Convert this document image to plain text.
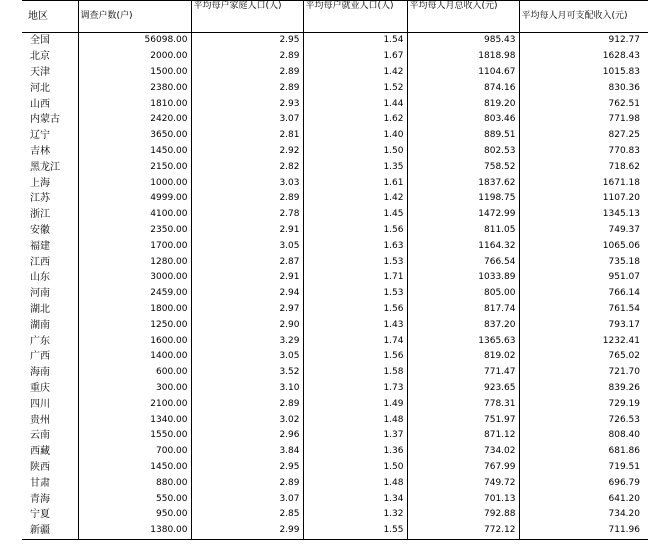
地区	调查户数(户)	平均每户家庭人口(人)	平均每户就业人口(人)	平均每人月总收入(元)	平均每人月可支配收入(元)
全国	56098.00	2.95	1.54	985.43	912.77
北京	2000.00	2.89	1.67	1818.98	1628.43
天津	1500.00	2.89	1.42	1104.67	1015.83
河北	2380.00	2.89	1.52	874.16	830.36
山西	1810.00	2.93	1.44	819.20	762.51
内蒙古	2420.00	3.07	1.62	803.46	771.98
辽宁	3650.00	2.81	1.40	889.51	827.25
吉林	1450.00	2.92	1.50	802.53	770.83
黑龙江	2150.00	2.82	1.35	758.52	718.62
上海	1000.00	3.03	1.61	1837.62	1671.18
江苏	4999.00	2.89	1.42	1198.75	1107.20
浙江	4100.00	2.78	1.45	1472.99	1345.13
安徽	2350.00	2.91	1.56	811.05	749.37
福建	1700.00	3.05	1.63	1164.32	1065.06
江西	1280.00	2.87	1.53	766.54	735.18
山东	3000.00	2.91	1.71	1033.89	951.07
河南	2459.00	2.94	1.53	805.00	766.14
湖北	1800.00	2.97	1.56	817.74	761.54
湖南	1250.00	2.90	1.43	837.20	793.17
广东	1600.00	3.29	1.74	1365.63	1232.41
广西	1400.00	3.05	1.56	819.02	765.02
海南	600.00	3.52	1.58	771.47	721.70
重庆	300.00	3.10	1.73	923.65	839.26
四川	2100.00	2.89	1.49	778.31	729.19
贵州	1340.00	3.02	1.48	751.97	726.53
云南	1550.00	2.96	1.37	871.12	808.40
西藏	700.00	3.84	1.36	734.02	681.86
陕西	1450.00	2.95	1.50	767.99	719.51
甘肃	880.00	2.89	1.48	749.72	696.79
青海	550.00	3.07	1.34	701.13	641.20
宁夏	950.00	2.85	1.32	792.88	734.20
新疆	1380.00	2.99	1.55	772.12	711.96
